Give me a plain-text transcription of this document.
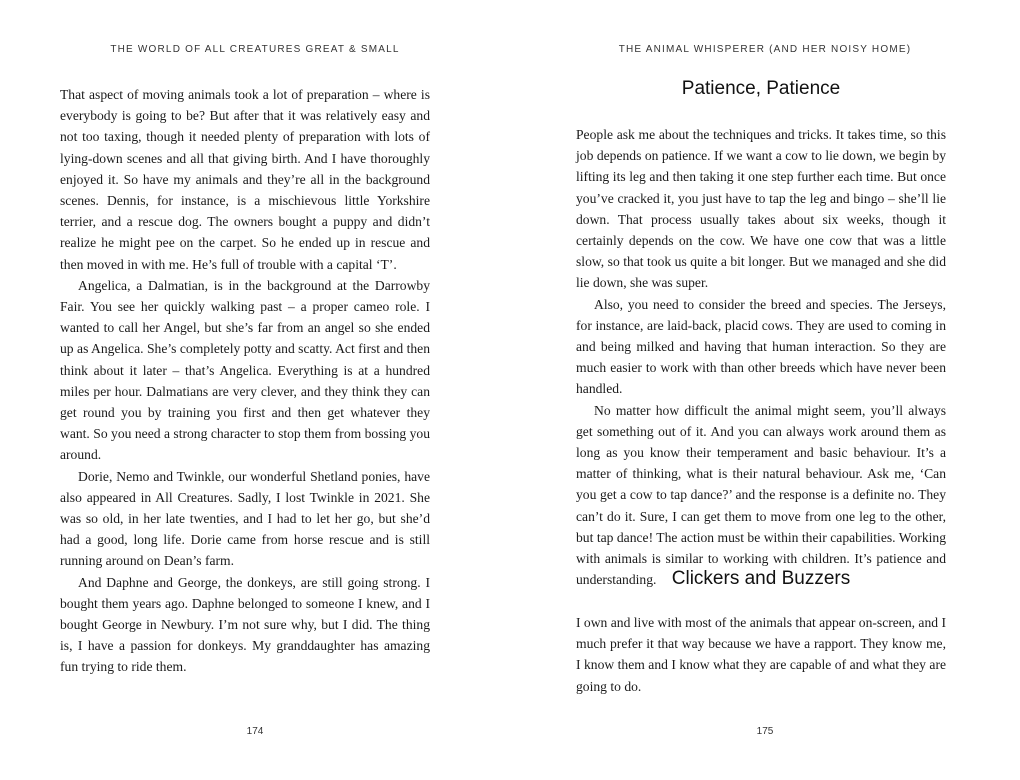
THE WORLD OF ALL CREATURES GREAT & SMALL

That aspect of moving animals took a lot of preparation – where is everybody is going to be? But after that it was relatively easy and not too taxing, though it needed plenty of preparation with lots of lying-down scenes and all that giving birth. And I have thoroughly enjoyed it. So have my animals and they’re all in the background scenes. Dennis, for instance, is a mischievous little Yorkshire terrier, and a rescue dog. The owners bought a puppy and didn’t realize he might pee on the carpet. So he ended up in rescue and then moved in with me. He’s full of trouble with a capital ‘T’.

Angelica, a Dalmatian, is in the background at the Darrowby Fair. You see her quickly walking past – a proper cameo role. I wanted to call her Angel, but she’s far from an angel so she ended up as Angelica. She’s completely potty and scatty. Act first and then think about it later – that’s Angelica. Everything is at a hundred miles per hour. Dalmatians are very clever, and they think they can get round you by training you first and then get whatever they want. So you need a strong character to stop them from bossing you around.

Dorie, Nemo and Twinkle, our wonderful Shetland ponies, have also appeared in All Creatures. Sadly, I lost Twinkle in 2021. She was so old, in her late twenties, and I had to let her go, but she’d had a good, long life. Dorie came from horse rescue and is still running around on Dean’s farm.

And Daphne and George, the donkeys, are still going strong. I bought them years ago. Daphne belonged to someone I knew, and I bought George in Newbury. I’m not sure why, but I did. The thing is, I have a passion for donkeys. My granddaughter has amazing fun trying to ride them.

174
THE ANIMAL WHISPERER (AND HER NOISY HOME)
Patience, Patience

People ask me about the techniques and tricks. It takes time, so this job depends on patience. If we want a cow to lie down, we begin by lifting its leg and then taking it one step further each time. But once you’ve cracked it, you just have to tap the leg and bingo – she’ll lie down. That process usually takes about six weeks, though it certainly depends on the cow. We have one cow that was a little slow, so that took us quite a bit longer. But we managed and she did lie down, she was super.

Also, you need to consider the breed and species. The Jerseys, for instance, are laid-back, placid cows. They are used to coming in and being milked and having that human interaction. So they are much easier to work with than other breeds which have never been handled.

No matter how difficult the animal might seem, you’ll always get something out of it. And you can always work around them as long as you know their temperament and basic behaviour. It’s a matter of thinking, what is their natural behaviour. Ask me, ‘Can you get a cow to tap dance?’ and the response is a definite no. They can’t do it. Sure, I can get them to move from one leg to the other, but tap dance! The action must be within their capabilities. Working with animals is similar to working with children. It’s patience and understanding. Clickers and Buzzers

I own and live with most of the animals that appear on-screen, and I much prefer it that way because we have a rapport. They know me, I know them and I know what they are capable of and what they are going to do.

175
